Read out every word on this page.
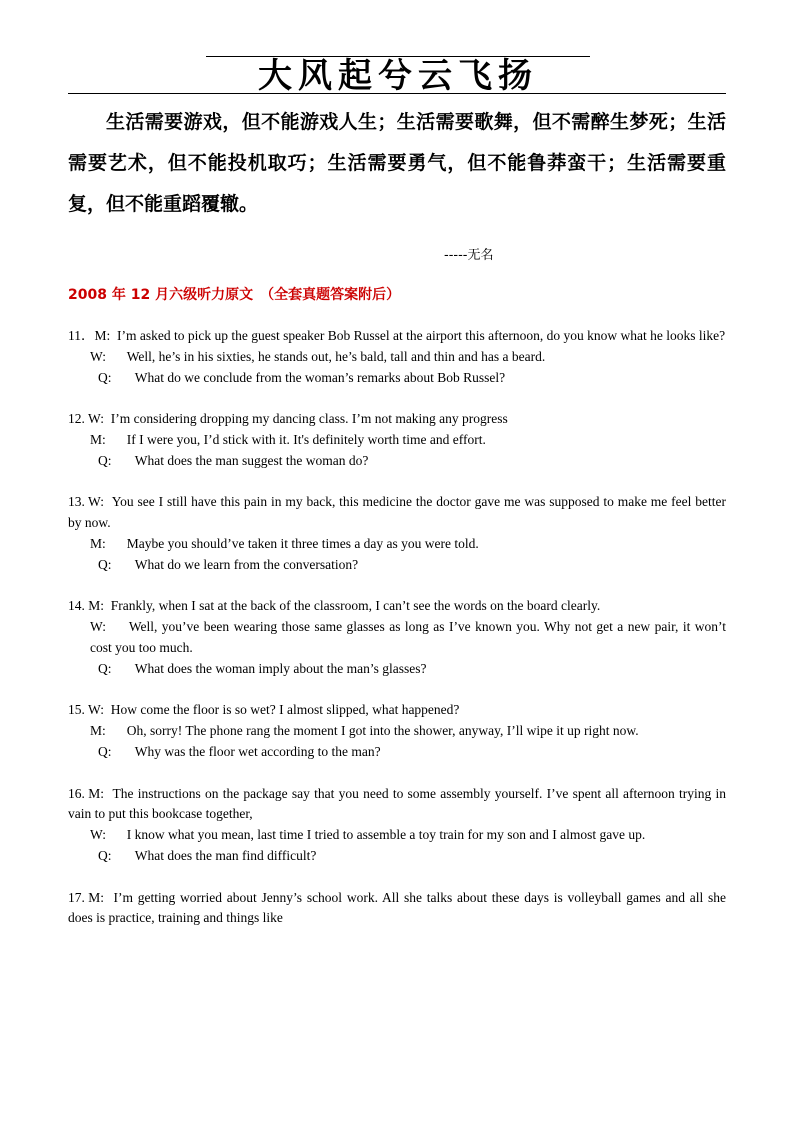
大风起兮云飞扬
生活需要游戏，但不能游戏人生；生活需要歌舞，但不需醉生梦死；生活需要艺术，但不能投机取巧；生活需要勇气，但不能鲁莽蛮干；生活需要重复，但不能重蹈覆辙。
-----无名
2008 年 12 月六级听力原文　（全套真题答案附后）
11．M: I’m asked to pick up the guest speaker Bob Russel at the airport this afternoon, do you know what he looks like?
W: Well, he’s in his sixties, he stands out, he’s bald, tall and thin and has a beard.
Q: What do we conclude from the woman’s remarks about Bob Russel?
12. W: I’m considering dropping my dancing class. I’m not making any progress
M: If I were you, I’d stick with it. It's definitely worth time and effort.
Q: What does the man suggest the woman do?
13. W: You see I still have this pain in my back, this medicine the doctor gave me was supposed to make me feel better by now.
M: Maybe you should’ve taken it three times a day as you were told.
Q: What do we learn from the conversation?
14. M: Frankly, when I sat at the back of the classroom, I can’t see the words on the board clearly.
W: Well, you’ve been wearing those same glasses as long as I’ve known you. Why not get a new pair, it won’t cost you too much.
Q: What does the woman imply about the man’s glasses?
15. W: How come the floor is so wet? I almost slipped, what happened?
M: Oh, sorry! The phone rang the moment I got into the shower, anyway, I’ll wipe it up right now.
Q: Why was the floor wet according to the man?
16. M: The instructions on the package say that you need to some assembly yourself. I’ve spent all afternoon trying in vain to put this bookcase together,
W: I know what you mean, last time I tried to assemble a toy train for my son and I almost gave up.
Q: What does the man find difficult?
17. M: I’m getting worried about Jenny’s school work. All she talks about these days is volleyball games and all she does is practice, training and things like
